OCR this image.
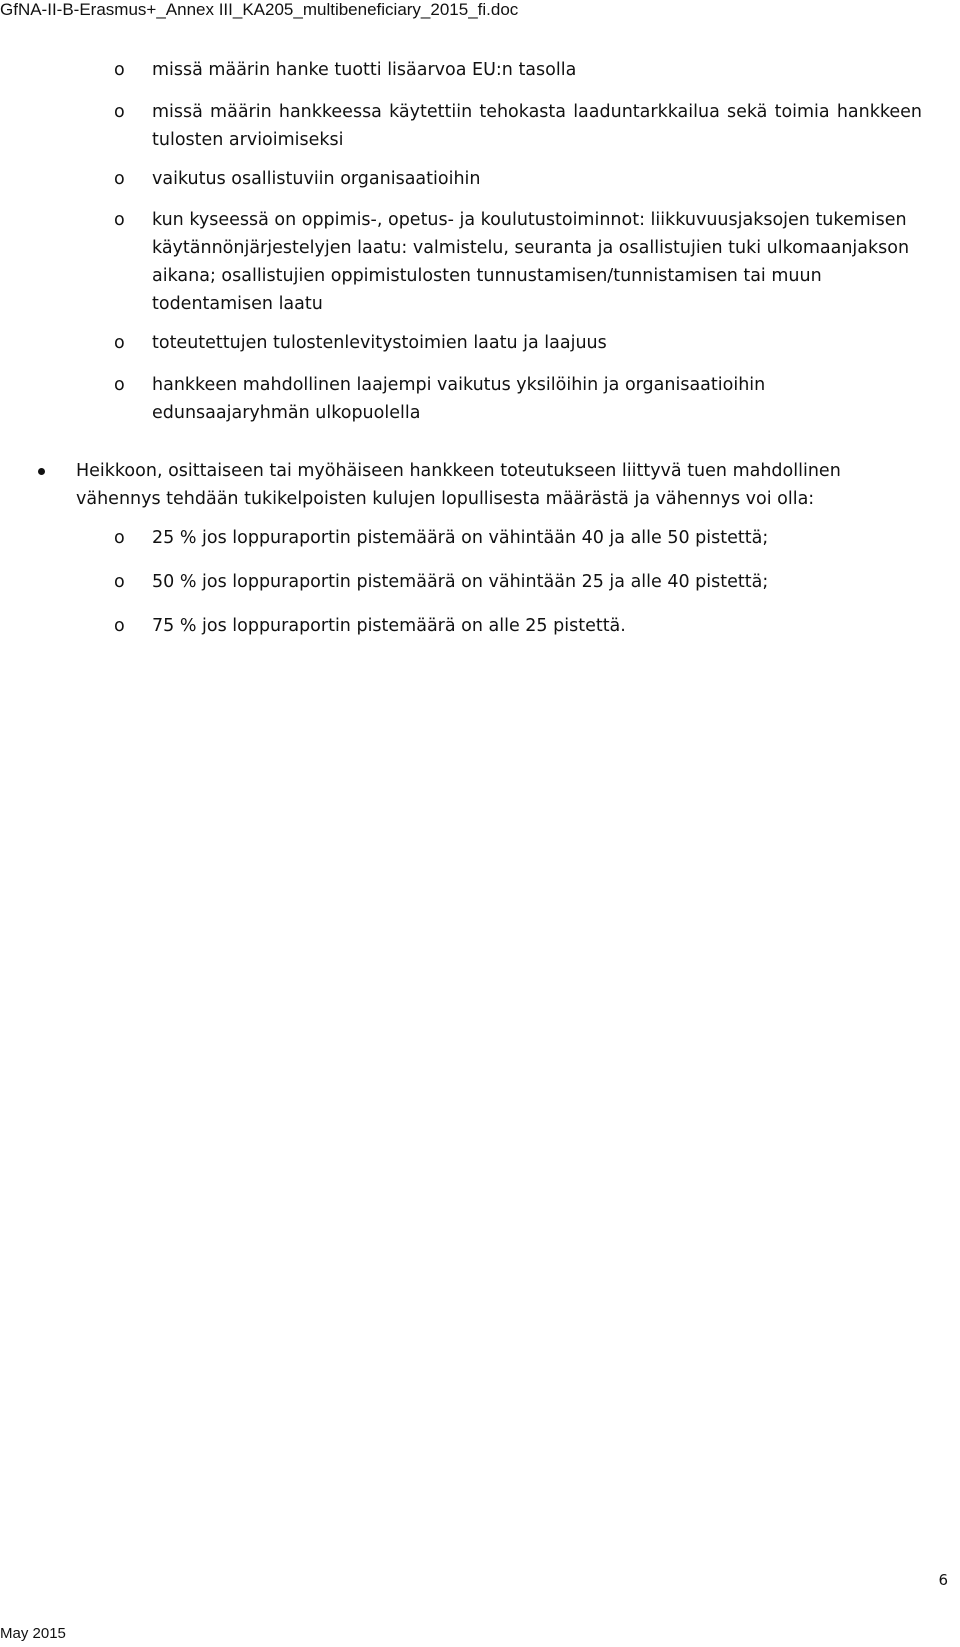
GfNA-II-B-Erasmus+_Annex III_KA205_multibeneficiary_2015_fi.doc
o missä määrin hanke tuotti lisäarvoa EU:n tasolla
o missä määrin hankkeessa käytettiin tehokasta laaduntarkkailua sekä toimia hankkeen tulosten arvioimiseksi
o vaikutus osallistuviin organisaatioihin
o kun kyseessä on oppimis-, opetus- ja koulutustoiminnot: liikkuvuusjaksojen tukemisen käytännönjärjestelyjen laatu: valmistelu, seuranta ja osallistujien tuki ulkomaanjakson aikana; osallistujien oppimistulosten tunnustamisen/tunnistamisen tai muun todentamisen laatu
o toteutettujen tulostenlevitystoimien laatu ja laajuus
o hankkeen mahdollinen laajempi vaikutus yksilöihin ja organisaatioihin edunsaajaryhmän ulkopuolella
Heikkoon, osittaiseen tai myöhäiseen hankkeen toteutukseen liittyvä tuen mahdollinen vähennys tehdään tukikelpoisten kulujen lopullisesta määrästä ja vähennys voi olla:
o 25 % jos loppuraportin pistemäärä on vähintään 40 ja alle 50 pistettä;
o 50 % jos loppuraportin pistemäärä on vähintään 25 ja alle 40 pistettä;
o 75 % jos loppuraportin pistemäärä on alle 25 pistettä.
6
May 2015
